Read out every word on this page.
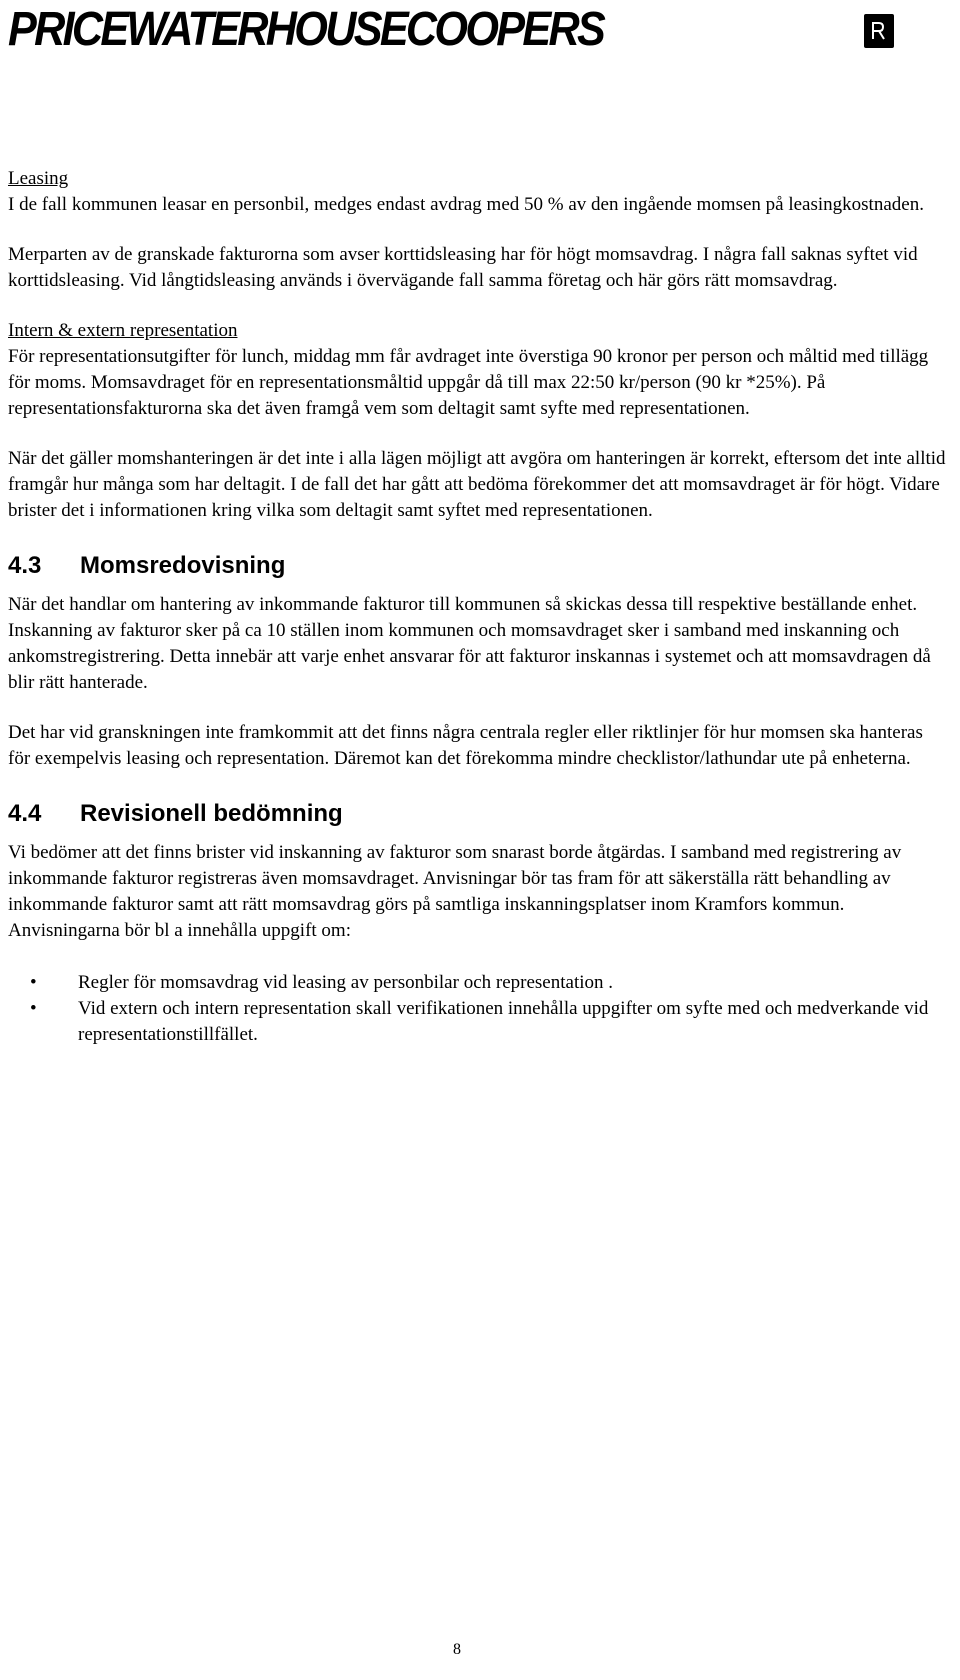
PRICEWATERHOUSECOOPERS

Leasing

I de fall kommunen leasar en personbil, medges endast avdrag med 50 % av den ingående momsen på leasingkostnaden.

Merparten av de granskade fakturorna som avser korttidsleasing har för högt momsavdrag. I några fall saknas syftet vid korttidsleasing. Vid långtidsleasing används i övervägande fall samma företag och här görs rätt momsavdrag.

Intern & extern representation

För representationsutgifter för lunch, middag mm får avdraget inte överstiga 90 kronor per person och måltid med tillägg för moms. Momsavdraget för en representationsmåltid uppgår då till max 22:50 kr/person (90 kr *25%). På representationsfakturorna ska det även framgå vem som deltagit samt syfte med representationen.

När det gäller momshanteringen är det inte i alla lägen möjligt att avgöra om hanteringen är korrekt, eftersom det inte alltid framgår hur många som har deltagit. I de fall det har gått att bedöma förekommer det att momsavdraget är för högt. Vidare brister det i informationen kring vilka som deltagit samt syftet med representationen.

4.3	Momsredovisning

När det handlar om hantering av inkommande fakturor till kommunen så skickas dessa till respektive beställande enhet. Inskanning av fakturor sker på ca 10 ställen inom kommunen och momsavdraget sker i samband med inskanning och ankomstregistrering. Detta innebär att varje enhet ansvarar för att fakturor inskannas i systemet och att momsavdragen då blir rätt hanterade.

Det har vid granskningen inte framkommit att det finns några centrala regler eller riktlinjer för hur momsen ska hanteras för exempelvis leasing och representation. Däremot kan det förekomma mindre checklistor/lathundar ute på enheterna.

4.4	Revisionell bedömning

Vi bedömer att det finns brister vid inskanning av fakturor som snarast borde åtgärdas. I samband med registrering av inkommande fakturor registreras även momsavdraget. Anvisningar bör tas fram för att säkerställa rätt behandling av inkommande fakturor samt att rätt momsavdrag görs på samtliga inskanningsplatser inom Kramfors kommun. Anvisningarna bör bl a innehålla uppgift om:

•	Regler för momsavdrag vid leasing av personbilar och representation .
•	Vid extern och intern representation skall verifikationen innehålla uppgifter om syfte med och medverkande vid representationstillfället.
8
